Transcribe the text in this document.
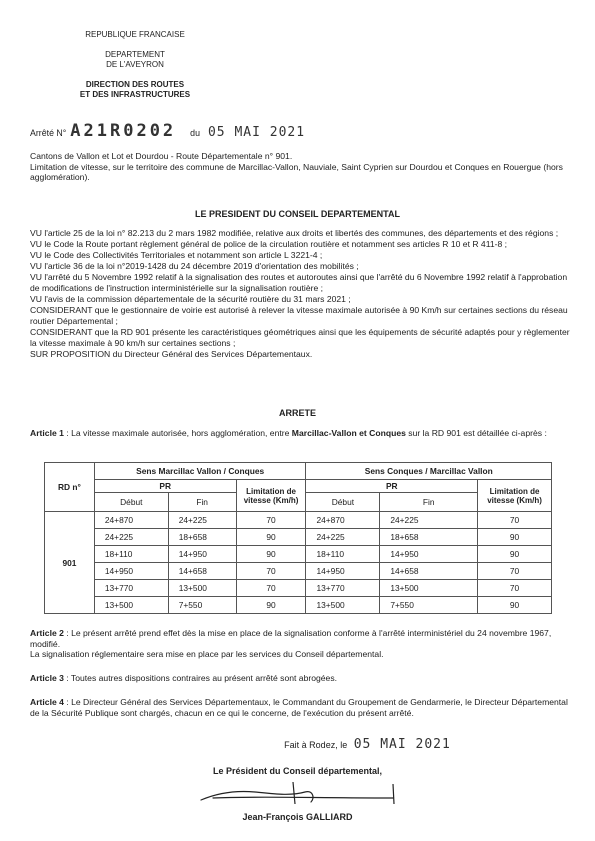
REPUBLIQUE FRANCAISE
DEPARTEMENT
DE L'AVEYRON
DIRECTION DES ROUTES
ET DES INFRASTRUCTURES
Arrêté N° A21R0202 du 05 MAI 2021
Cantons de Vallon et Lot et Dourdou - Route Départementale n° 901.
Limitation de vitesse, sur le territoire des commune de Marcillac-Vallon, Nauviale, Saint Cyprien sur Dourdou et Conques en Rouergue (hors agglomération).
LE PRESIDENT DU CONSEIL DEPARTEMENTAL
VU l'article 25 de la loi n° 82.213 du 2 mars 1982 modifiée, relative aux droits et libertés des communes, des départements et des régions ;
VU le Code la Route portant règlement général de police de la circulation routière et notamment ses articles R 10 et R 411-8 ;
VU le Code des Collectivités Territoriales et notamment son article L 3221-4 ;
VU l'article 36 de la loi n°2019-1428 du 24 décembre 2019 d'orientation des mobilités ;
VU l'arrêté du 5 Novembre 1992 relatif à la signalisation des routes et autoroutes ainsi que l'arrêté du 6 Novembre 1992 relatif à l'approbation de modifications de l'instruction interministérielle sur la signalisation routière ;
VU l'avis de la commission départementale de la sécurité routière du 31 mars 2021 ;
CONSIDERANT que le gestionnaire de voirie est autorisé à relever la vitesse maximale autorisée à 90 Km/h sur certaines sections du réseau routier Départemental ;
CONSIDERANT que la RD 901 présente les caractéristiques géométriques ainsi que les équipements de sécurité adaptés pour y règlementer la vitesse maximale à 90 km/h sur certaines sections ;
SUR PROPOSITION du Directeur Général des Services Départementaux.
ARRETE
Article 1 : La vitesse maximale autorisée, hors agglomération, entre Marcillac-Vallon et Conques sur la RD 901 est détaillée ci-après :
RD n°	Sens Marcillac Vallon / Conques			Sens Conques / Marcillac Vallon		
	PR		Limitation de vitesse (Km/h)	PR		Limitation de vitesse (Km/h)
	Début	Fin		Début	Fin	
901	24+870	24+225	70	24+870	24+225	70
	24+225	18+658	90	24+225	18+658	90
	18+110	14+950	90	18+110	14+950	90
	14+950	14+658	70	14+950	14+658	70
	13+770	13+500	70	13+770	13+500	70
	13+500	7+550	90	13+500	7+550	90
Article 2 : Le présent arrêté prend effet dès la mise en place de la signalisation conforme à l'arrêté interministériel du 24 novembre 1967, modifié.
La signalisation réglementaire sera mise en place par les services du Conseil départemental.
Article 3 : Toutes autres dispositions contraires au présent arrêté sont abrogées.
Article 4 : Le Directeur Général des Services Départementaux, le Commandant du Groupement de Gendarmerie, le Directeur Départemental de la Sécurité Publique sont chargés, chacun en ce qui le concerne, de l'exécution du présent arrêté.
Fait à Rodez, le 05 MAI 2021
Le Président du Conseil départemental,
Jean-François GALLIARD
